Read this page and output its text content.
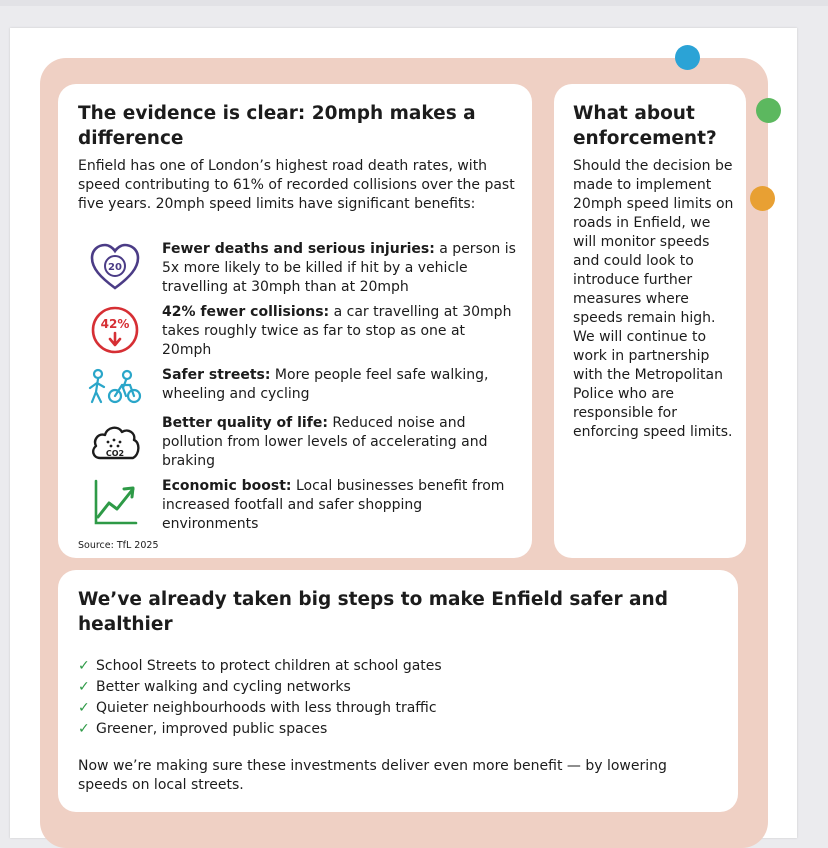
The evidence is clear: 20mph makes a difference

Enfield has one of London’s highest road death rates, with speed contributing to 61% of recorded collisions over the past five years. 20mph speed limits have significant benefits:

20
Fewer deaths and serious injuries: a person is 5x more likely to be killed if hit by a vehicle travelling at 30mph than at 20mph
42%
42% fewer collisions: a car travelling at 30mph takes roughly twice as far to stop as one at 20mph
Safer streets: More people feel safe walking, wheeling and cycling
CO2
Better quality of life: Reduced noise and pollution from lower levels of accelerating and braking
Economic boost: Local businesses benefit from increased footfall and safer shopping environments
Source: TfL 2025
What about enforcement?

Should the decision be made to implement 20mph speed limits on roads in Enfield, we will monitor speeds and could look to introduce further measures where speeds remain high. We will continue to work in partnership with the Metropolitan Police who are responsible for enforcing speed limits.

We’ve already taken big steps to make Enfield safer and healthier
✓ School Streets to protect children at school gates
✓ Better walking and cycling networks
✓ Quieter neighbourhoods with less through traffic
✓ Greener, improved public spaces

Now we’re making sure these investments deliver even more benefit — by lowering speeds on local streets.
